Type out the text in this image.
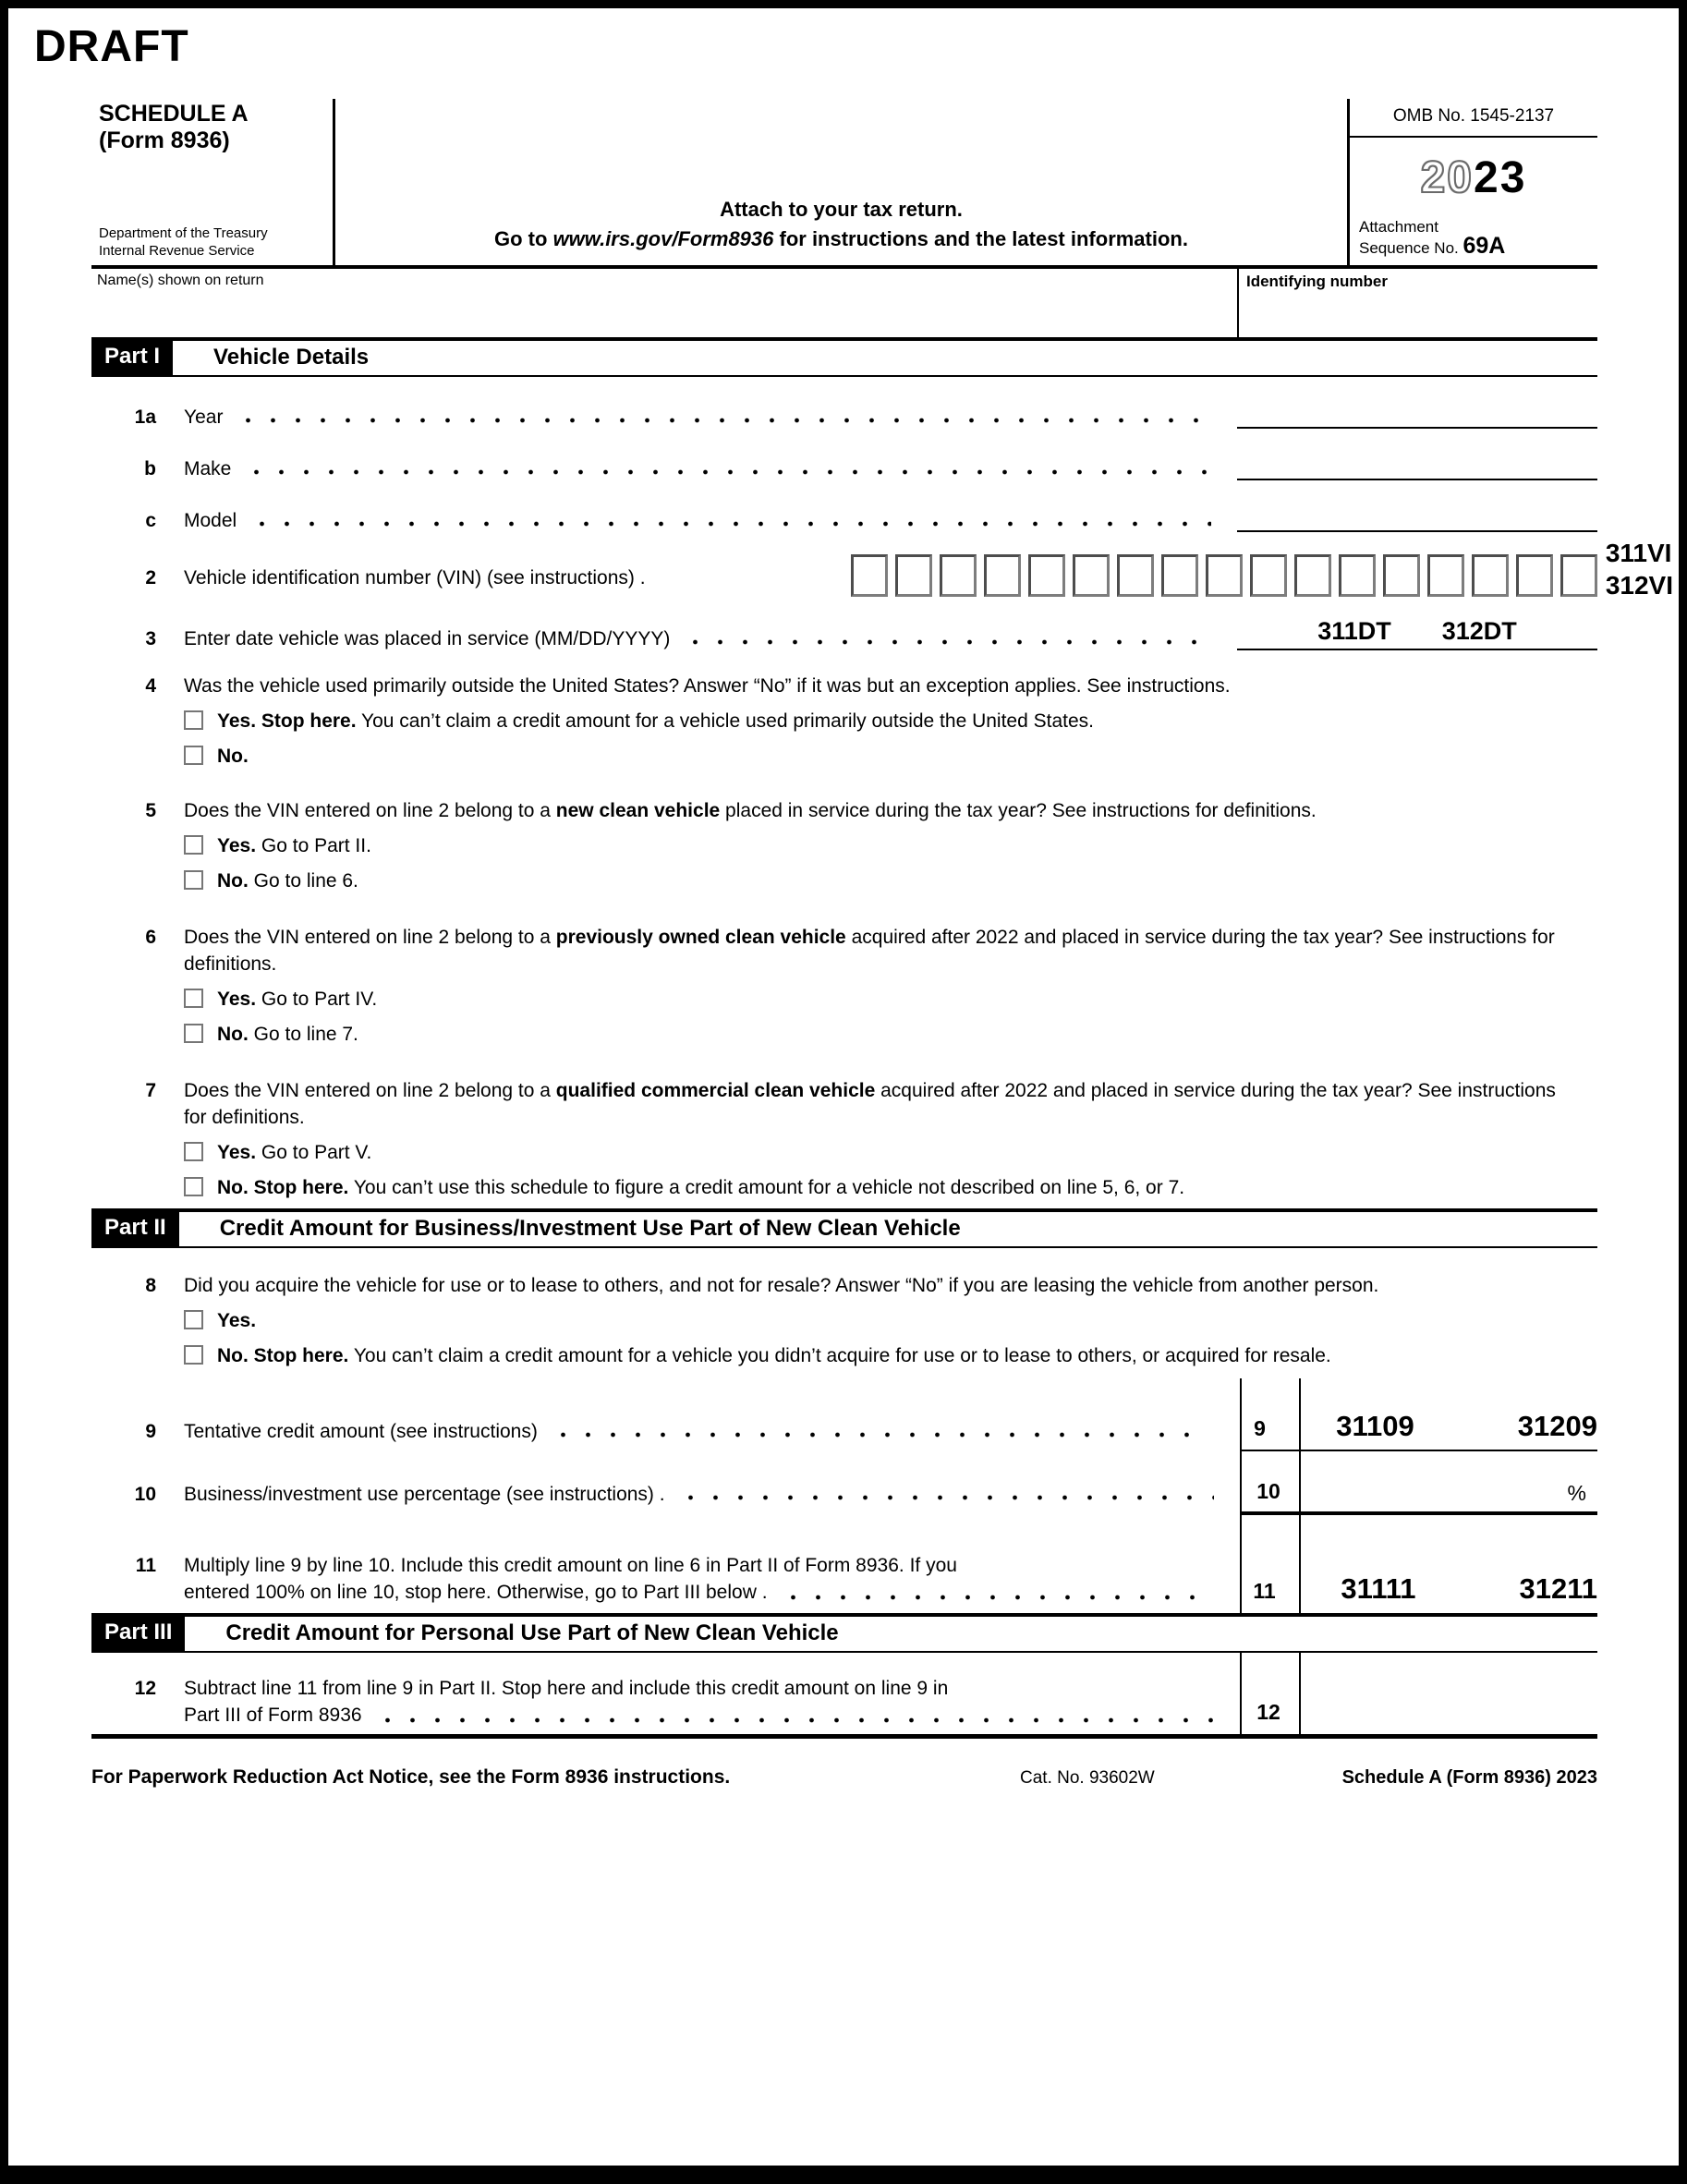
DRAFT
311VI
312VI
SCHEDULE A
(Form 8936)
Department of the Treasury
Internal Revenue Service
Attach to your tax return.
Go to www.irs.gov/Form8936 for instructions and the latest information.
OMB No. 1545-2137
20 23
Attachment
Sequence No. 69A
Name(s) shown on return	Identifying number
Part I	Vehicle Details
1a	Year
b	Make
c	Model
2	Vehicle identification number (VIN) (see instructions) .
3	Enter date vehicle was placed in service (MM/DD/YYYY)	311DT 312DT
4	Was the vehicle used primarily outside the United States? Answer “No” if it was but an exception applies. See instructions.
Yes. Stop here. You can’t claim a credit amount for a vehicle used primarily outside the United States.
No.
5	Does the VIN entered on line 2 belong to a new clean vehicle placed in service during the tax year? See instructions for definitions.
Yes. Go to Part II.
No. Go to line 6.
6	Does the VIN entered on line 2 belong to a previously owned clean vehicle acquired after 2022 and placed in service during the tax year? See instructions for definitions.
Yes. Go to Part IV.
No. Go to line 7.
7	Does the VIN entered on line 2 belong to a qualified commercial clean vehicle acquired after 2022 and placed in service during the tax year? See instructions for definitions.
Yes. Go to Part V.
No. Stop here. You can’t use this schedule to figure a credit amount for a vehicle not described on line 5, 6, or 7.
Part II	Credit Amount for Business/Investment Use Part of New Clean Vehicle
8	Did you acquire the vehicle for use or to lease to others, and not for resale? Answer “No” if you are leasing the vehicle from another person.
Yes.
No. Stop here. You can’t claim a credit amount for a vehicle you didn’t acquire for use or to lease to others, or acquired for resale.
9	Tentative credit amount (see instructions)	9	31109	31209
10	Business/investment use percentage (see instructions) .	10	%
11	Multiply line 9 by line 10. Include this credit amount on line 6 in Part II of Form 8936. If you
entered 100% on line 10, stop here. Otherwise, go to Part III below .	11	31111	31211
Part III	Credit Amount for Personal Use Part of New Clean Vehicle
12	Subtract line 11 from line 9 in Part II. Stop here and include this credit amount on line 9 in
Part III of Form 8936	12
For Paperwork Reduction Act Notice, see the Form 8936 instructions.	Cat. No. 93602W	Schedule A (Form 8936) 2023
